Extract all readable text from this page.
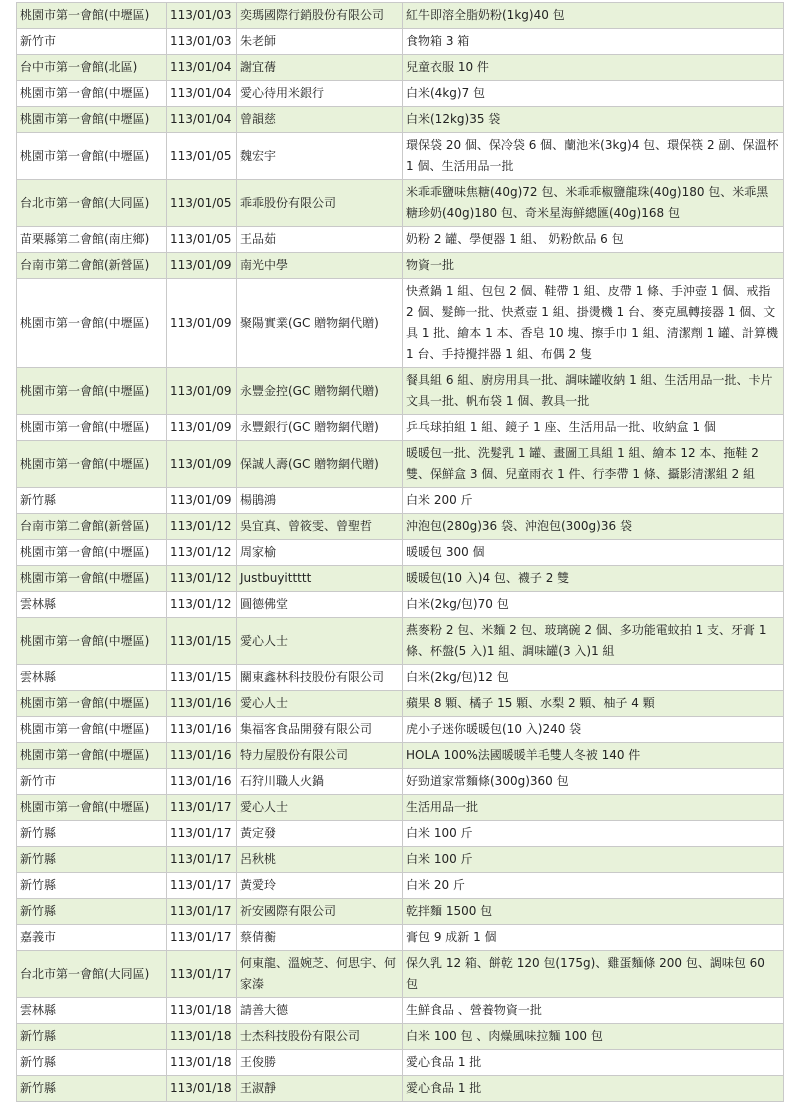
桃園市第一會館(中壢區)	113/01/03	奕瑪國際行銷股份有限公司	紅牛即溶全脂奶粉(1kg)40 包
新竹市	113/01/03	朱老師	食物箱 3 箱
台中市第一會館(北區)	113/01/04	謝宜蒨	兒童衣服 10 件
桃園市第一會館(中壢區)	113/01/04	愛心待用米銀行	白米(4kg)7 包
桃園市第一會館(中壢區)	113/01/04	曾韻慈	白米(12kg)35 袋
桃園市第一會館(中壢區)	113/01/05	魏宏宇	環保袋 20 個、保冷袋 6 個、蘭池米(3kg)4 包、環保筷 2 副、保溫杯 1 個、生活用品一批
台北市第一會館(大同區)	113/01/05	乖乖股份有限公司	米乖乖鹽味焦糖(40g)72 包、米乖乖椒鹽龍珠(40g)180 包、米乖黑糖珍奶(40g)180 包、奇米星海鮮總匯(40g)168 包
苗栗縣第二會館(南庄鄉)	113/01/05	王品茹	奶粉 2 罐、學便器 1 組、 奶粉飲品 6 包
台南市第二會館(新營區)	113/01/09	南光中學	物資一批
桃園市第一會館(中壢區)	113/01/09	聚陽實業(GC 贈物網代贈)	快煮鍋 1 組、包包 2 個、鞋帶 1 組、皮帶 1 條、手沖壺 1 個、戒指 2 個、髮飾一批、快煮壺 1 組、掛燙機 1 台、麥克風轉接器 1 個、文具 1 批、繪本 1 本、香皂 10 塊、擦手巾 1 組、清潔劑 1 罐、計算機 1 台、手持攪拌器 1 組、布偶 2 隻
桃園市第一會館(中壢區)	113/01/09	永豐金控(GC 贈物網代贈)	餐具組 6 組、廚房用具一批、調味罐收納 1 組、生活用品一批、卡片文具一批、帆布袋 1 個、教具一批
桃園市第一會館(中壢區)	113/01/09	永豐銀行(GC 贈物網代贈)	乒乓球拍組 1 組、鏡子 1 座、生活用品一批、收納盒 1 個
桃園市第一會館(中壢區)	113/01/09	保誠人壽(GC 贈物網代贈)	暖暖包一批、洗髮乳 1 罐、畫圖工具組 1 組、繪本 12 本、拖鞋 2 雙、保鮮盒 3 個、兒童雨衣 1 件、行李帶 1 條、攝影清潔組 2 組
新竹縣	113/01/09	楊鵑鴻	白米 200 斤
台南市第二會館(新營區)	113/01/12	吳宜真、曾筱雯、曾聖哲	沖泡包(280g)36 袋、沖泡包(300g)36 袋
桃園市第一會館(中壢區)	113/01/12	周家榆	暖暖包 300 個
桃園市第一會館(中壢區)	113/01/12	Justbuyittttt	暖暖包(10 入)4 包、襪子 2 雙
雲林縣	113/01/12	圓德佛堂	白米(2kg/包)70 包
桃園市第一會館(中壢區)	113/01/15	愛心人士	燕麥粉 2 包、米麵 2 包、玻璃碗 2 個、多功能電蚊拍 1 支、牙膏 1 條、杯盤(5 入)1 組、調味罐(3 入)1 組
雲林縣	113/01/15	關東鑫林科技股份有限公司	白米(2kg/包)12 包
桃園市第一會館(中壢區)	113/01/16	愛心人士	蘋果 8 顆、橘子 15 顆、水梨 2 顆、柚子 4 顆
桃園市第一會館(中壢區)	113/01/16	集福客食品開發有限公司	虎小子迷你暖暖包(10 入)240 袋
桃園市第一會館(中壢區)	113/01/16	特力屋股份有限公司	HOLA 100%法國暖暖羊毛雙人冬被 140 件
新竹市	113/01/16	石狩川職人火鍋	好勁道家常麵條(300g)360 包
桃園市第一會館(中壢區)	113/01/17	愛心人士	生活用品一批
新竹縣	113/01/17	黃定發	白米 100 斤
新竹縣	113/01/17	呂秋桃	白米 100 斤
新竹縣	113/01/17	黃愛玲	白米 20 斤
新竹縣	113/01/17	祈安國際有限公司	乾拌麵 1500 包
嘉義市	113/01/17	蔡倩蘅	膏包 9 成新 1 個
台北市第一會館(大同區)	113/01/17	何東龍、溫婉芝、何思宇、何家溱	保久乳 12 箱、餅乾 120 包(175g)、雞蛋麵條 200 包、調味包 60 包
雲林縣	113/01/18	請善大德	生鮮食品 、營養物資一批
新竹縣	113/01/18	士杰科技股份有限公司	白米 100 包 、肉燥風味拉麵 100 包
新竹縣	113/01/18	王俊勝	愛心食品 1 批
新竹縣	113/01/18	王淑靜	愛心食品 1 批
